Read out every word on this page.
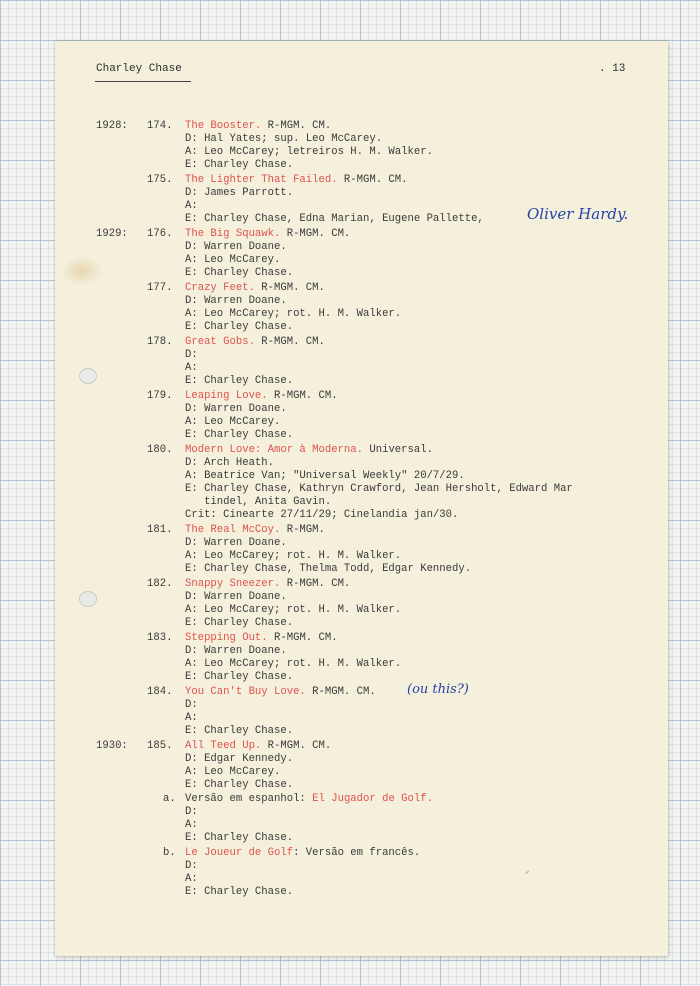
Charley Chase	. 13
1928: 174. The Booster. R-MGM. CM.
D: Hal Yates; sup. Leo McCarey.
A: Leo McCarey; letreiros H. M. Walker.
E: Charley Chase.
175. The Lighter That Failed. R-MGM. CM.
D: James Parrott.
A:
E: Charley Chase, Edna Marian, Eugene Pallette,	Oliver Hardy.
1929: 176. The Big Squawk. R-MGM. CM.
D: Warren Doane.
A: Leo McCarey.
E: Charley Chase.
177. Crazy Feet. R-MGM. CM.
D: Warren Doane.
A: Leo McCarey; rot. H. M. Walker.
E: Charley Chase.
178. Great Gobs. R-MGM. CM.
D:
A:
E: Charley Chase.
179. Leaping Love. R-MGM. CM.
D: Warren Doane.
A: Leo McCarey.
E: Charley Chase.
180. Modern Love: Amor à Moderna. Universal.
D: Arch Heath.
A: Beatrice Van; "Universal Weekly" 20/7/29.
E: Charley Chase, Kathryn Crawford, Jean Hersholt, Edward Mar
tindel, Anita Gavin.
Crit: Cinearte 27/11/29; Cinelandia jan/30.
181. The Real McCoy. R-MGM.
D: Warren Doane.
A: Leo McCarey; rot. H. M. Walker.
E: Charley Chase, Thelma Todd, Edgar Kennedy.
182. Snappy Sneezer. R-MGM. CM.
D: Warren Doane.
A: Leo McCarey; rot. H. M. Walker.
E: Charley Chase.
183. Stepping Out. R-MGM. CM.
D: Warren Doane.
A: Leo McCarey; rot. H. M. Walker.
E: Charley Chase.
184. You Can't Buy Love. R-MGM. CM. (ou this?)
D:
A:
E: Charley Chase.
1930: 185. All Teed Up. R-MGM. CM.
D: Edgar Kennedy.
A: Leo McCarey.
E: Charley Chase.
a. Versão em espanhol: El Jugador de Golf.
D:
A:
E: Charley Chase.
b. Le Joueur de Golf: Versão em francês.
D:
A:
E: Charley Chase.
⸍
